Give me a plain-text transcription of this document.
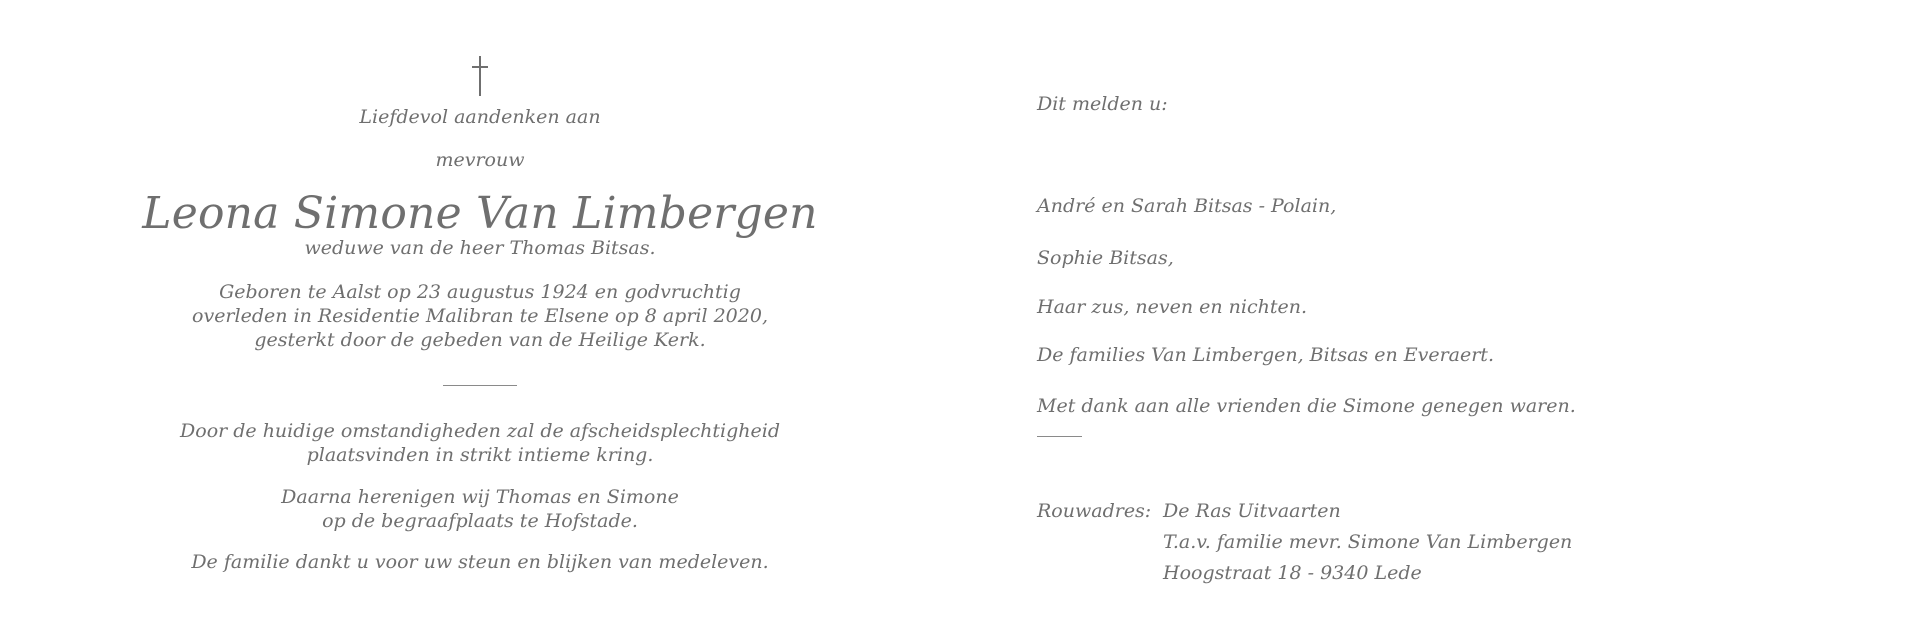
Liefdevol aandenken aan
mevrouw
Leona Simone Van Limbergen
weduwe van de heer Thomas Bitsas.
Geboren te Aalst op 23 augustus 1924 en godvruchtig
overleden in Residentie Malibran te Elsene op 8 april 2020,
gesterkt door de gebeden van de Heilige Kerk.
Door de huidige omstandigheden zal de afscheidsplechtigheid
plaatsvinden in strikt intieme kring.
Daarna herenigen wij Thomas en Simone
op de begraafplaats te Hofstade.
De familie dankt u voor uw steun en blijken van medeleven.
Dit melden u:
André en Sarah Bitsas - Polain,
Sophie Bitsas,
Haar zus, neven en nichten.
De families Van Limbergen, Bitsas en Everaert.
Met dank aan alle vrienden die Simone genegen waren.
Rouwadres: De Ras Uitvaarten
T.a.v. familie mevr. Simone Van Limbergen
Hoogstraat 18 - 9340 Lede
